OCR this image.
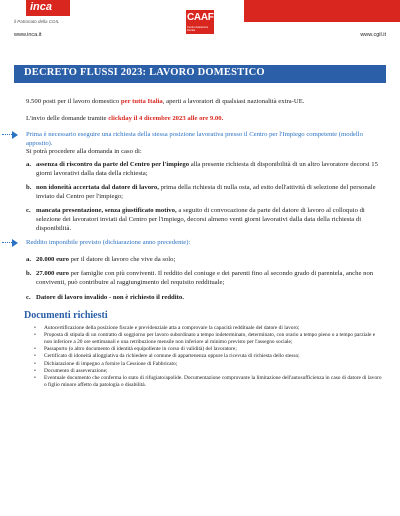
inca
il Patronato della CGIL	CAAF
Centro Assistenza Fiscale
www.inca.it	www.cgil.it
DECRETO FLUSSI 2023: LAVORO DOMESTICO

9.500 posti per il lavoro domestico per tutta Italia, aperti a lavoratori di qualsiasi nazionalità extra-UE.

L'invio delle domande tramite clickday il 4 dicembre 2023 alle ore 9.00.

Prima è necessario eseguire una richiesta della stessa posizione lavorativa presso il Centro per l'Impiego competente (modello apposito).
Si potrà procedere alla domanda in caso di:
a. assenza di riscontro da parte del Centro per l'impiego alla presente richiesta di disponibilità di un altro lavoratore decorsi 15 giorni lavorativi dalla data della richiesta;
b. non idoneità accertata dal datore di lavoro, prima della richiesta di nulla osta, ad esito dell'attività di selezione del personale inviato dal Centro per l'impiego;
c. mancata presentazione, senza giustificato motivo, a seguito di convocazione da parte del datore di lavoro al colloquio di selezione dei lavoratori inviati dal Centro per l'impiego, decorsi almeno venti giorni lavorativi dalla data della richiesta di disponibilità.
Reddito imponibile previsto (dichiarazione anno precedente):
a. 20.000 euro per il datore di lavoro che vive da solo;
b. 27.000 euro per famiglie con più conviventi. Il reddito del coniuge e dei parenti fino al secondo grado di parentela, anche non conviventi, può contribuire al raggiungimento del requisito reddituale;
c. Datore di lavoro invalido - non è richiesto il reddito.
Documenti richiesti
• Autocertificazione della posizione fiscale e previdenziale atta a comprovare la capacità reddituale del datore di lavoro;
• Proposta di stipula di un contratto di soggiorno per lavoro subordinato a tempo indeterminato, determinato, con orario a tempo pieno o a tempo parziale e non inferiore a 20 ore settimanali e una retribuzione mensile non inferiore al minimo previsto per l'assegno sociale;
• Passaporto (o altro documento di identità equipollente in corso di validità) del lavoratore;
• Certificato di idoneità alloggiativa da richiedere al comune di appartenenza oppure la ricevuta di richiesta dello stesso;
• Dichiarazione di impegno a fornire la Cessione di Fabbricato;
• Documento di asseverazione;
• Eventuale documento che conferma lo stato di rifugiato/apolide. Documentazione comprovante la limitazione dell'autosufficienza in caso di datore di lavoro o figlio minore affetto da patologia o disabilità.
